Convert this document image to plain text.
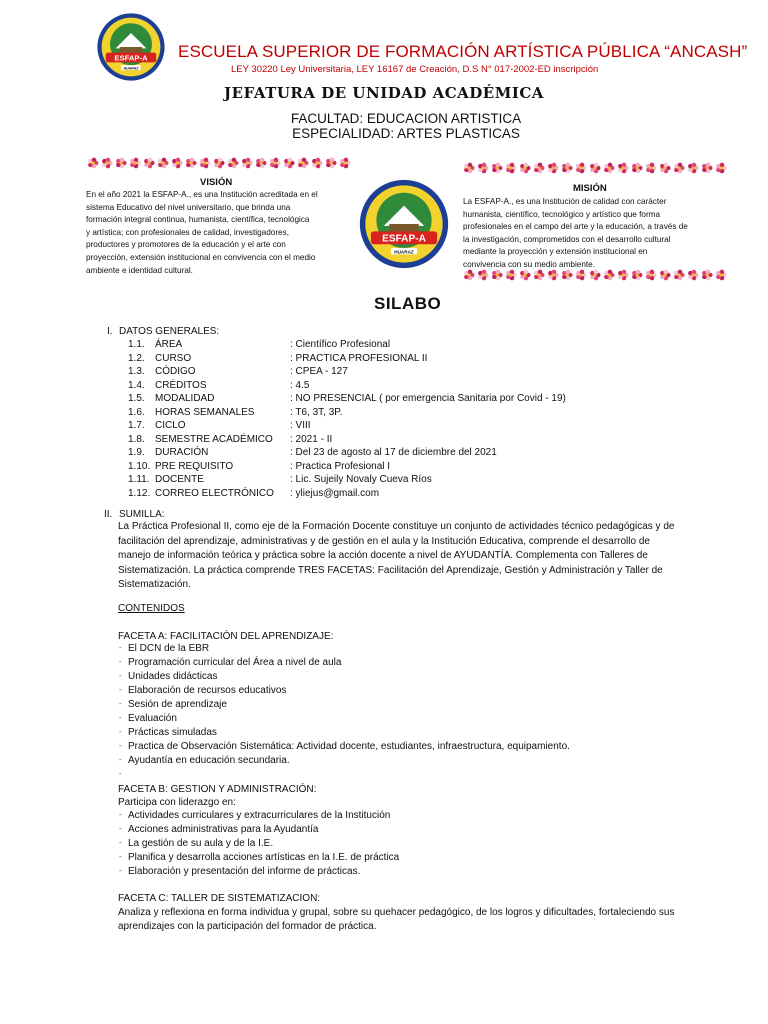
ESFAP-A
HUARAZ
ESCUELA SUPERIOR DE FORMACIÓN ARTÍSTICA PÚBLICA “ANCASH”
LEY 30220 Ley Universitaria, LEY 16167 de Creación, D.S N° 017-2002-ED inscripción
JEFATURA DE UNIDAD ACADÉMICA
FACULTAD: EDUCACION ARTISTICA
ESPECIALIDAD: ARTES PLASTICAS
VISIÓN
En el año 2021 la ESFAP-A., es una Institución acreditada en el
sistema Educativo del nivel universitario, que brinda una
formación integral continua, humanista, científica, tecnológica
y artística; con profesionales de calidad, investigadores,
productores y promotores de la educación y el arte con
proyección, extensión institucional en convivencia con el medio
ambiente e identidad cultural.
ESFAP-A
HUARAZ
MISIÓN
La ESFAP-A., es una Institución de calidad con carácter
humanista, científico, tecnológico y artístico que forma
profesionales en el campo del arte y la educación, a través de
la investigación, comprometidos con el desarrollo cultural
mediante la proyección y extensión institucional en
convivencia con su medio ambiente.
SILABO
I. DATOS GENERALES:
1.1. ÁREA	: Científico Profesional
1.2. CURSO	: PRACTICA PROFESIONAL II
1.3. CÓDIGO	: CPEA - 127
1.4. CRÉDITOS	: 4.5
1.5. MODALIDAD	: NO PRESENCIAL ( por emergencia Sanitaria por Covid - 19)
1.6. HORAS SEMANALES	: T6, 3T, 3P.
1.7. CICLO	: VIII
1.8. SEMESTRE ACADÉMICO : 2021 - II
1.9. DURACIÓN	: Del 23 de agosto al 17 de diciembre del 2021
1.10. PRE REQUISITO	: Practica Profesional I
1.11. DOCENTE	: Lic. Sujeily Novaly Cueva Ríos
1.12. CORREO ELECTRÓNICO : yliejus@gmail.com
II. SUMILLA:
La Práctica Profesional II, como eje de la Formación Docente constituye un conjunto de actividades técnico pedagógicas y de
facilitación del aprendizaje, administrativas y de gestión en el aula y la Institución Educativa, comprende el desarrollo de
manejo de información teórica y práctica sobre la acción docente a nivel de AYUDANTÍA. Complementa con Talleres de
Sistematización. La práctica comprende TRES FACETAS: Facilitación del Aprendizaje, Gestión y Administración y Taller de
Sistematización.
CONTENIDOS
FACETA A: FACILITACIÓN DEL APRENDIZAJE:
- El DCN de la EBR
- Programación curricular del Área a nivel de aula
- Unidades didácticas
- Elaboración de recursos educativos
- Sesión de aprendizaje
- Evaluación
- Prácticas simuladas
- Practica de Observación Sistemática: Actividad docente, estudiantes, infraestructura, equipamiento.
- Ayudantía en educación secundaria.
FACETA B: GESTION Y ADMINISTRACIÓN:
Participa con liderazgo en:
- Actividades curriculares y extracurriculares de la Institución
- Acciones administrativas para la Ayudantía
- La gestión de su aula y de la I.E.
- Planifica y desarrolla acciones artísticas en la I.E. de práctica
- Elaboración y presentación del informe de prácticas.
FACETA C: TALLER DE SISTEMATIZACION:
Analiza y reflexiona en forma individua y grupal, sobre su quehacer pedagógico, de los logros y dificultades, fortaleciendo sus
aprendizajes con la participación del formador de práctica.
